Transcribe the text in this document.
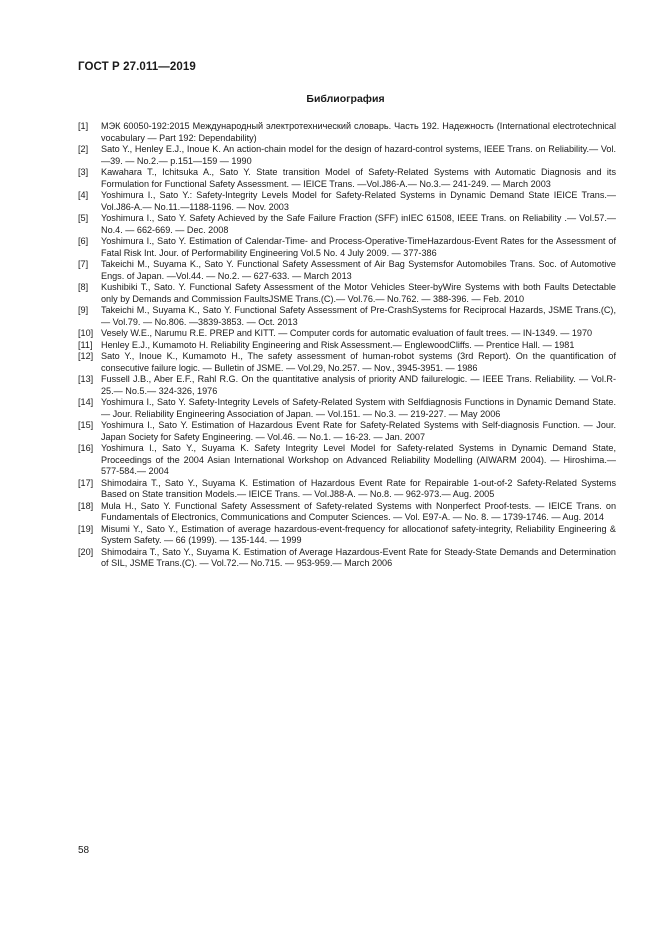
ГОСТ Р 27.011—2019
Библиография
[1]	МЭК 60050-192:2015 Международный электротехнический словарь. Часть 192. Надежность (International electrotechnical vocabulary — Part 192: Dependability)
[2]	Sato Y., Henley E.J., Inoue K. An action-chain model for the design of hazard-control systems, IEEE Trans. on Reliability.— Vol.—39. — No.2.— p.151—159 — 1990
[3]	Kawahara T., Ichitsuka A., Sato Y. State transition Model of Safety-Related Systems with Automatic Diagnosis and its Formulation for Functional Safety Assessment. — IEICE Trans. —Vol.J86-A.— No.3.— 241-249. — March 2003
[4]	Yoshimura I., Sato Y.: Safety-Integrity Levels Model for Safety-Related Systems in Dynamic Demand State IEICE Trans.— Vol.J86-A.— No.11.—1188-1196. — Nov. 2003
[5]	Yoshimura I., Sato Y. Safety Achieved by the Safe Failure Fraction (SFF) inIEC 61508, IEEE Trans. on Reliability .— Vol.57.— No.4. — 662-669. — Dec. 2008
[6]	Yoshimura I., Sato Y. Estimation of Calendar-Time- and Process-Operative-TimeHazardous-Event Rates for the Assessment of Fatal Risk Int. Jour. of Performability Engineering Vol.5 No. 4 July 2009. — 377-386
[7]	Takeichi M., Suyama K., Sato Y. Functional Safety Assessment of Air Bag Systemsfor Automobiles Trans. Soc. of Automotive Engs. of Japan. —Vol.44. — No.2. — 627-633. — March 2013
[8]	Kushibiki T., Sato. Y. Functional Safety Assessment of the Motor Vehicles Steer-byWire Systems with both Faults Detectable only by Demands and Commission FaultsJSME Trans.(C).— Vol.76.— No.762. — 388-396. — Feb. 2010
[9]	Takeichi M., Suyama K., Sato Y. Functional Safety Assessment of Pre-CrashSystems for Reciprocal Hazards, JSME Trans.(C), — Vol.79. — No.806. —3839-3853. — Oct. 2013
[10] Vesely W.E., Narumu R.E. PREP and KITT. — Computer cords for automatic evaluation of fault trees. — IN-1349. — 1970
[11] Henley E.J., Kumamoto H. Reliability Engineering and Risk Assessment.— EnglewoodCliffs. — Prentice Hall. — 1981
[12] Sato Y., Inoue K., Kumamoto H., The safety assessment of human-robot systems (3rd Report). On the quantification of consecutive failure logic. — Bulletin of JSME. — Vol.29, No.257. — Nov., 3945-3951. — 1986
[13] Fussell J.B., Aber E.F., Rahl R.G. On the quantitative analysis of priority AND failurelogic. — IEEE Trans. Reliability. — Vol.R-25.— No.5.— 324-326, 1976
[14] Yoshimura I., Sato Y. Safety-Integrity Levels of Safety-Related System with Selfdiagnosis Functions in Dynamic Demand State. — Jour. Reliability Engineering Association of Japan. — Vol.151. — No.3. — 219-227. — May 2006
[15] Yoshimura I., Sato Y. Estimation of Hazardous Event Rate for Safety-Related Systems with Self-diagnosis Function. — Jour. Japan Society for Safety Engineering. — Vol.46. — No.1. — 16-23. — Jan. 2007
[16] Yoshimura I., Sato Y., Suyama K. Safety Integrity Level Model for Safety-related Systems in Dynamic Demand State, Proceedings of the 2004 Asian International Workshop on Advanced Reliability Modelling (AIWARM 2004). — Hiroshima.— 577-584.— 2004
[17] Shimodaira T., Sato Y., Suyama K. Estimation of Hazardous Event Rate for Repairable 1-out-of-2 Safety-Related Systems Based on State transition Models.— IEICE Trans. — Vol.J88-A. — No.8. — 962-973.— Aug. 2005
[18] Mula H., Sato Y. Functional Safety Assessment of Safety-related Systems with Nonperfect Proof-tests. — IEICE Trans. on Fundamentals of Electronics, Communications and Computer Sciences. — Vol. E97-A. — No. 8. — 1739-1746. — Aug. 2014
[19] Misumi Y., Sato Y., Estimation of average hazardous-event-frequency for allocationof safety-integrity, Reliability Engineering & System Safety. — 66 (1999). — 135-144. — 1999
[20] Shimodaira T., Sato Y., Suyama K. Estimation of Average Hazardous-Event Rate for Steady-State Demands and Determination of SIL, JSME Trans.(C). — Vol.72.— No.715. — 953-959.— March 2006
58
